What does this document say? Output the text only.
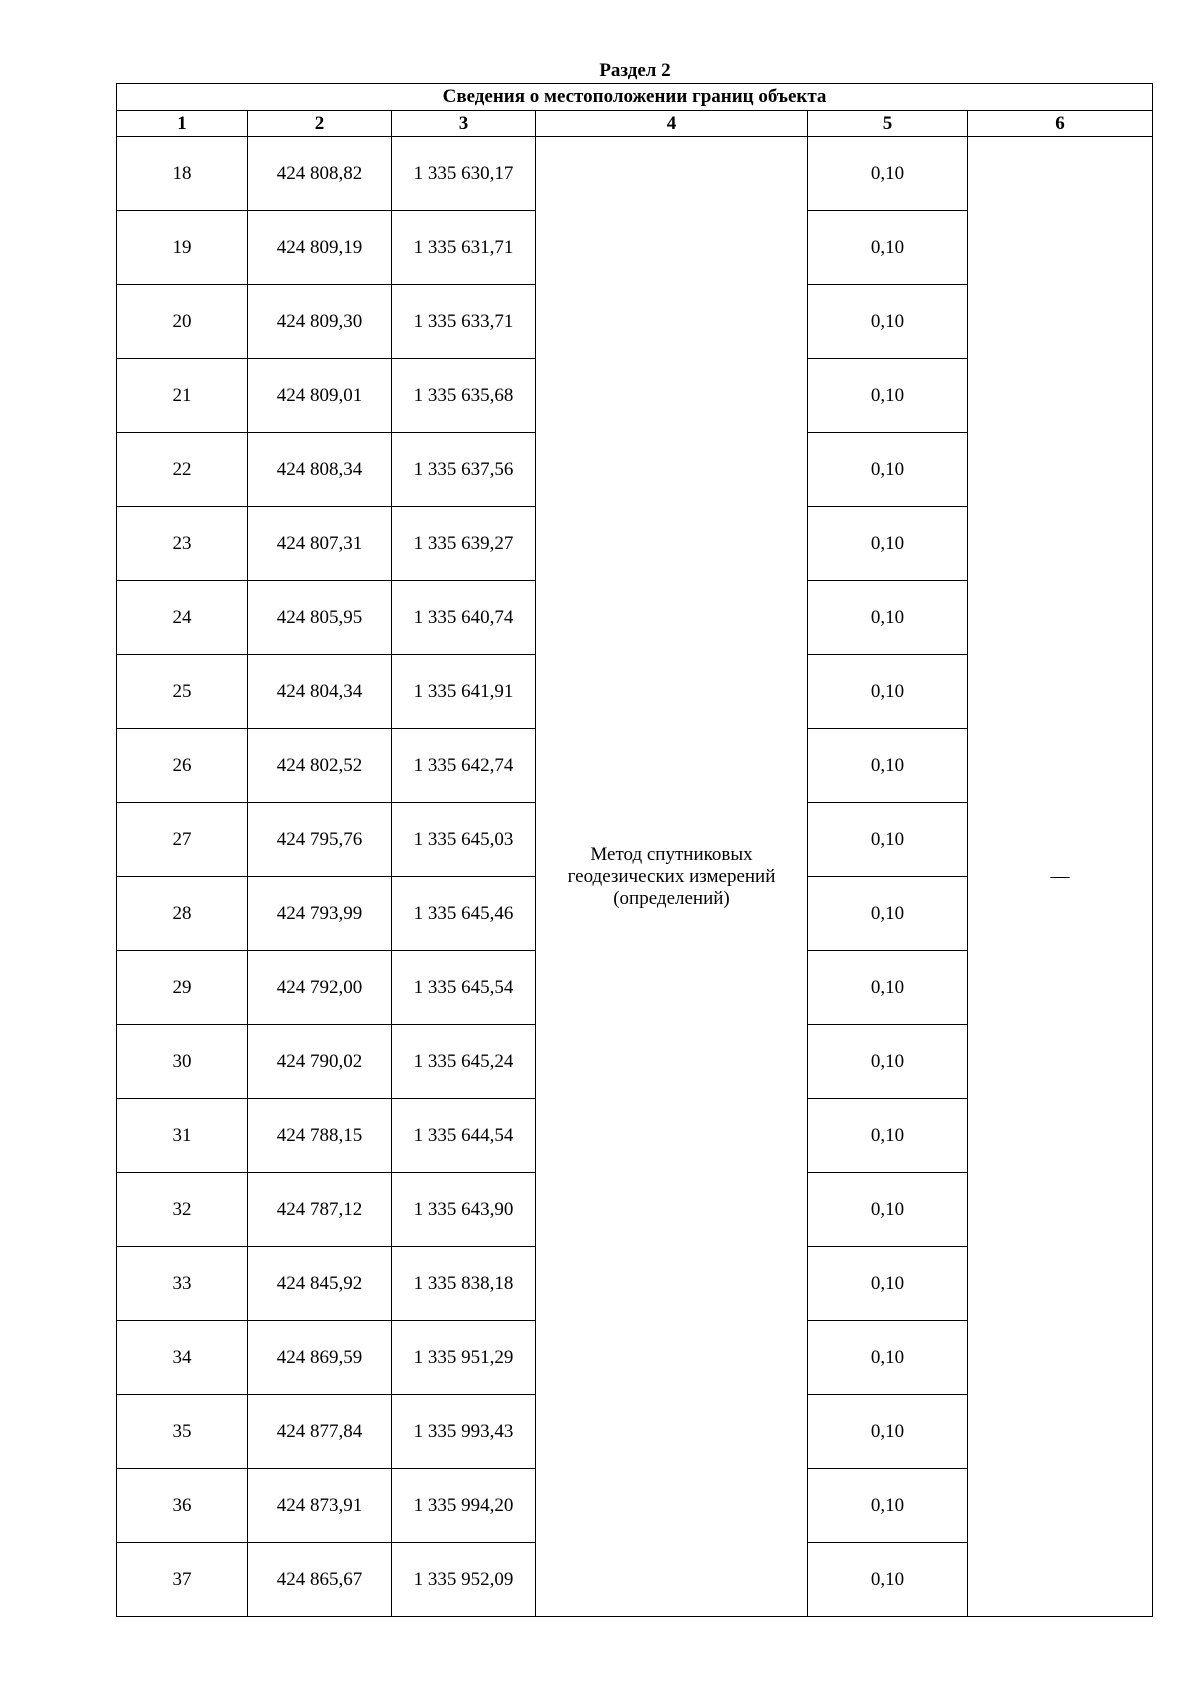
Раздел 2
Сведения о местоположении границ объекта					
1	2	3	4	5	6
18	424 808,82	1 335 630,17	Метод спутниковых геодезических измерений (определений)	0,10	—
19	424 809,19	1 335 631,71		0,10	
20	424 809,30	1 335 633,71		0,10	
21	424 809,01	1 335 635,68		0,10	
22	424 808,34	1 335 637,56		0,10	
23	424 807,31	1 335 639,27		0,10	
24	424 805,95	1 335 640,74		0,10	
25	424 804,34	1 335 641,91		0,10	
26	424 802,52	1 335 642,74		0,10	
27	424 795,76	1 335 645,03		0,10	
28	424 793,99	1 335 645,46		0,10	
29	424 792,00	1 335 645,54		0,10	
30	424 790,02	1 335 645,24		0,10	
31	424 788,15	1 335 644,54		0,10	
32	424 787,12	1 335 643,90		0,10	
33	424 845,92	1 335 838,18		0,10	
34	424 869,59	1 335 951,29		0,10	
35	424 877,84	1 335 993,43		0,10	
36	424 873,91	1 335 994,20		0,10	
37	424 865,67	1 335 952,09		0,10	
